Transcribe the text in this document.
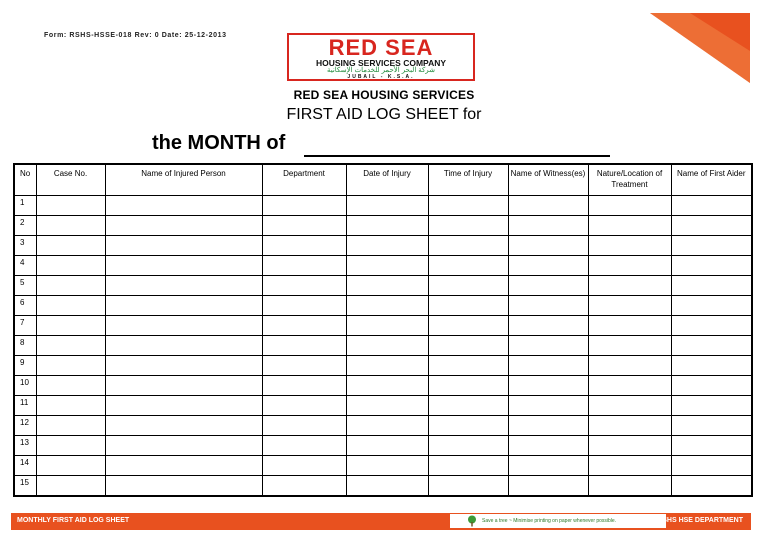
Form: RSHS-HSSE-018 Rev: 0 Date: 25-12-2013	RED SEA
HOUSING SERVICES COMPANY
شركة البحر الأحمر للخدمات الإسكانية
JUBAIL - K.S.A.
RED SEA HOUSING SERVICES
FIRST AID LOG SHEET for
the MONTH of
No	Case No.	Name of Injured Person	Department	Date of Injury	Time of Injury	Name of Witness(es)	Nature/Location of Treatment	Name of First Aider
1								
2								
3								
4								
5								
6								
7								
8								
9								
10								
11								
12								
13								
14								
15								
MONTHLY FIRST AID LOG SHEET	Save a tree ~ Minimise printing on paper whenever possible.	RSHS HSE DEPARTMENT
